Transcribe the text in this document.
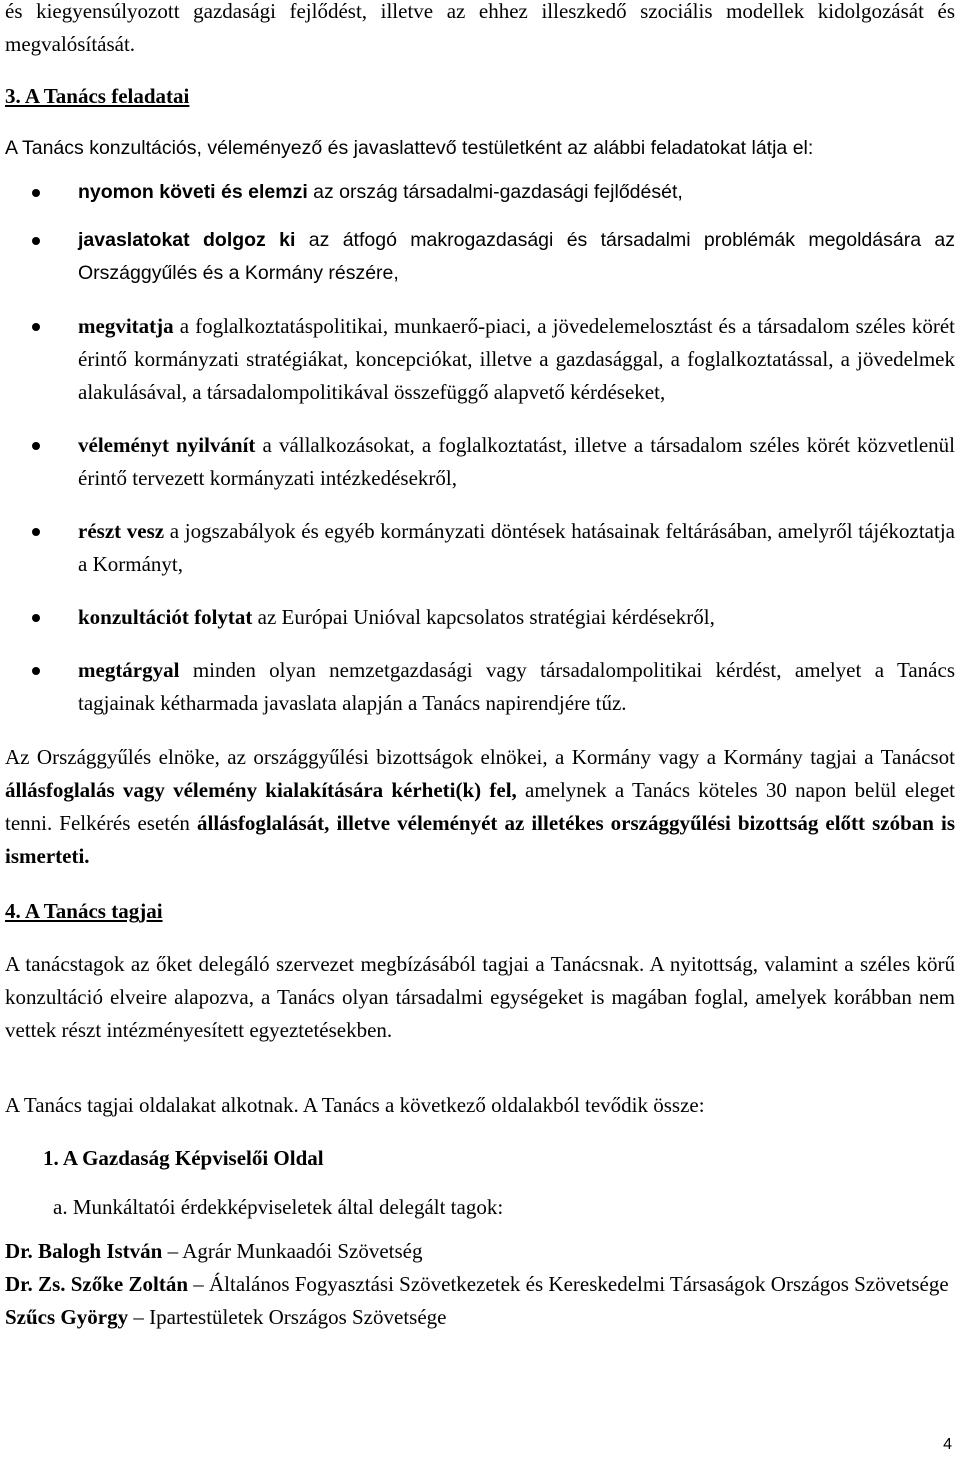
és kiegyensúlyozott gazdasági fejlődést, illetve az ehhez illeszkedő szociális modellek kidolgozását és megvalósítását.

3. A Tanács feladatai

A Tanács konzultációs, véleményező és javaslattevő testületként az alábbi feladatokat látja el:

nyomon követi és elemzi az ország társadalmi-gazdasági fejlődését,
javaslatokat dolgoz ki az átfogó makrogazdasági és társadalmi problémák megoldására az Országgyűlés és a Kormány részére,
megvitatja a foglalkoztatáspolitikai, munkaerő-piaci, a jövedelemelosztást és a társadalom széles körét érintő kormányzati stratégiákat, koncepciókat, illetve a gazdasággal, a foglalkoztatással, a jövedelmek alakulásával, a társadalompolitikával összefüggő alapvető kérdéseket,
véleményt nyilvánít a vállalkozásokat, a foglalkoztatást, illetve a társadalom széles körét közvetlenül érintő tervezett kormányzati intézkedésekről,
részt vesz a jogszabályok és egyéb kormányzati döntések hatásainak feltárásában, amelyről tájékoztatja a Kormányt,
konzultációt folytat az Európai Unióval kapcsolatos stratégiai kérdésekről,
megtárgyal minden olyan nemzetgazdasági vagy társadalompolitikai kérdést, amelyet a Tanács tagjainak kétharmada javaslata alapján a Tanács napirendjére tűz.

Az Országgyűlés elnöke, az országgyűlési bizottságok elnökei, a Kormány vagy a Kormány tagjai a Tanácsot állásfoglalás vagy vélemény kialakítására kérheti(k) fel, amelynek a Tanács köteles 30 napon belül eleget tenni. Felkérés esetén állásfoglalását, illetve véleményét az illetékes országgyűlési bizottság előtt szóban is ismerteti.

4. A Tanács tagjai

A tanácstagok az őket delegáló szervezet megbízásából tagjai a Tanácsnak. A nyitottság, valamint a széles körű konzultáció elveire alapozva, a Tanács olyan társadalmi egységeket is magában foglal, amelyek korábban nem vettek részt intézményesített egyeztetésekben.

A Tanács tagjai oldalakat alkotnak. A Tanács a következő oldalakból tevődik össze:

1. A Gazdaság Képviselői Oldal
a. Munkáltatói érdekképviseletek által delegált tagok:
Dr. Balogh István – Agrár Munkaadói Szövetség
Dr. Zs. Szőke Zoltán – Általános Fogyasztási Szövetkezetek és Kereskedelmi Társaságok Országos Szövetsége
Szűcs György – Ipartestületek Országos Szövetsége
4
